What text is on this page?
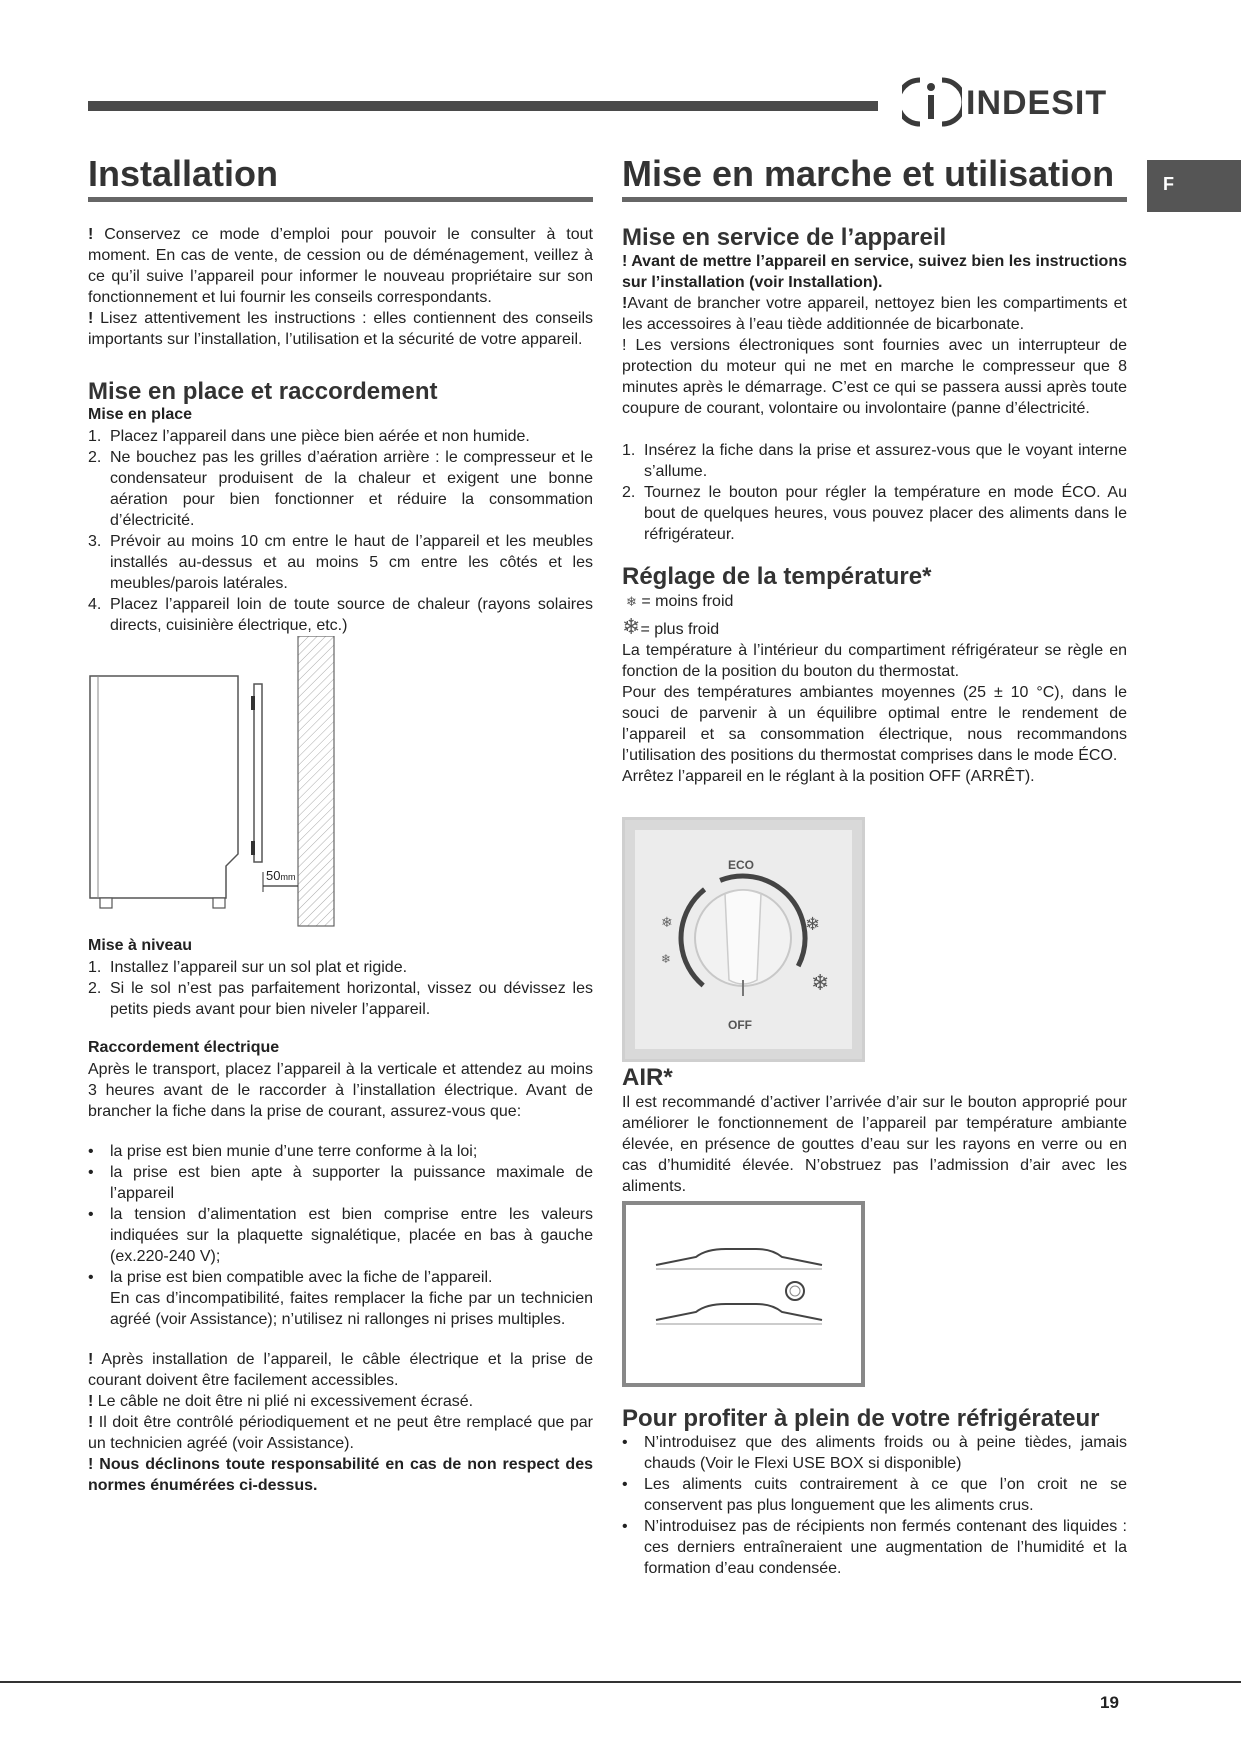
INDESIT
F
Installation

! Conservez ce mode d’emploi pour pouvoir le consulter à tout moment. En cas de vente, de cession ou de déménagement, veillez à ce qu’il suive l’appareil pour informer le nouveau propriétaire sur son fonctionnement et lui fournir les conseils correspondants.

! Lisez attentivement les instructions : elles contiennent des conseils importants sur l’installation, l’utilisation et la sécurité de votre appareil.

Mise en place et raccordement
Mise en place
1. Placez l’appareil dans une pièce bien aérée et non humide.
2. Ne bouchez pas les grilles d’aération arrière : le compresseur et le condensateur produisent de la chaleur et exigent une bonne aération pour bien fonctionner et réduire la consommation d’électricité.
3. Prévoir au moins 10 cm entre le haut de l’appareil et les meubles installés au-dessus et au moins 5 cm entre les côtés et les meubles/parois latérales.
4. Placez l’appareil loin de toute source de chaleur (rayons solaires directs, cuisinière électrique, etc.)
50mm
Mise à niveau
1. Installez l’appareil sur un sol plat et rigide.
2. Si le sol n’est pas parfaitement horizontal, vissez ou dévissez les petits pieds avant pour bien niveler l’appareil.
Raccordement électrique

Après le transport, placez l’appareil à la verticale et attendez au moins 3 heures avant de le raccorder à l’installation électrique. Avant de brancher la fiche dans la prise de courant, assurez-vous que:

• la prise est bien munie d’une terre conforme à la loi;
• la prise est bien apte à supporter la puissance maximale de l’appareil
• la tension d’alimentation est bien comprise entre les valeurs indiquées sur la plaquette signalétique, placée en bas à gauche (ex.220-240 V);
• la prise est bien compatible avec la fiche de l’appareil.

En cas d’incompatibilité, faites remplacer la fiche par un technicien agréé (voir Assistance); n’utilisez ni rallonges ni prises multiples.

! Après installation de l’appareil, le câble électrique et la prise de courant doivent être facilement accessibles.

! Le câble ne doit être ni plié ni excessivement écrasé.

! Il doit être contrôlé périodiquement et ne peut être remplacé que par un technicien agréé (voir Assistance).

! Nous déclinons toute responsabilité en cas de non respect des normes énumérées ci-dessus.

Mise en marche et utilisation
Mise en service de l’appareil

! Avant de mettre l’appareil en service, suivez bien les instructions sur l’installation (voir Installation).

!Avant de brancher votre appareil, nettoyez bien les compartiments et les accessoires à l’eau tiède additionnée de bicarbonate.

! Les versions électroniques sont fournies avec un interrupteur de protection du moteur qui ne met en marche le compresseur que 8 minutes après le démarrage. C’est ce qui se passera aussi après toute coupure de courant, volontaire ou involontaire (panne d’électricité.

1. Insérez la fiche dans la prise et assurez-vous que le voyant interne s’allume.
2. Tournez le bouton pour régler la température en mode ÉCO. Au bout de quelques heures, vous pouvez placer des aliments dans le réfrigérateur.
Réglage de la température*

❄ = moins froid

❄= plus froid

La température à l’intérieur du compartiment réfrigérateur se règle en fonction de la position du bouton du thermostat.

Pour des températures ambiantes moyennes (25 ± 10 °C), dans le souci de parvenir à un équilibre optimal entre le rendement de l’appareil et sa consommation électrique, nous recommandons l’utilisation des positions du thermostat comprises dans le mode ÉCO.

Arrêtez l’appareil en le réglant à la position OFF (ARRÊT).

ECO
OFF
❄
❄
❄
❄
AIR*

Il est recommandé d’activer l’arrivée d’air sur le bouton approprié pour améliorer le fonctionnement de l’appareil par température ambiante élevée, en présence de gouttes d’eau sur les rayons en verre ou en cas d’humidité élevée. N’obstruez pas l’admission d’air avec les aliments.

Pour profiter à plein de votre réfrigérateur
• N’introduisez que des aliments froids ou à peine tièdes, jamais chauds (Voir le Flexi USE BOX si disponible)
• Les aliments cuits contrairement à ce que l’on croit ne se conservent pas plus longuement que les aliments crus.
• N’introduisez pas de récipients non fermés contenant des liquides : ces derniers entraîneraient une augmentation de l’humidité et la formation d’eau condensée.
19
